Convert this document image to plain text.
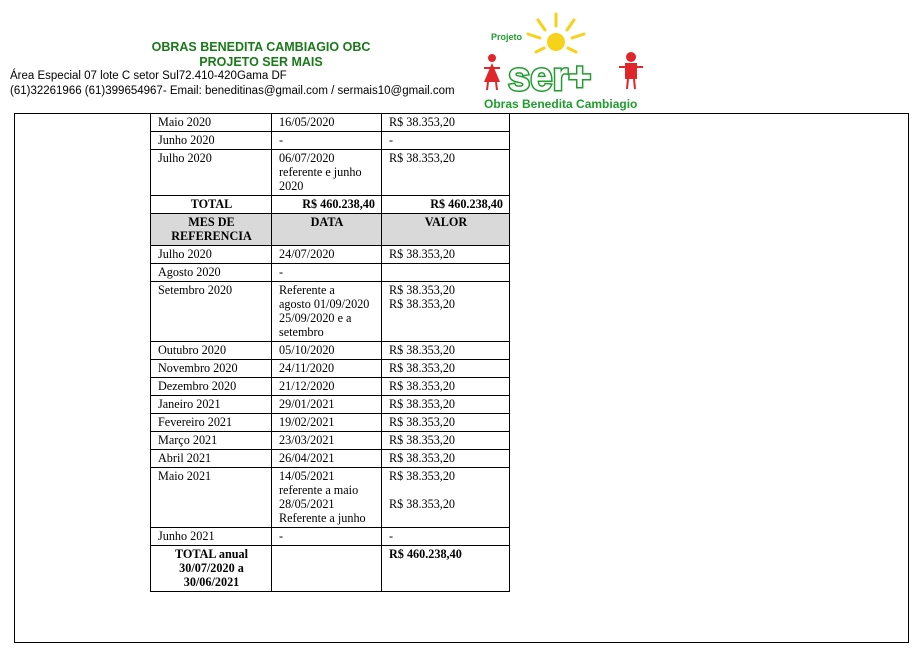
OBRAS BENEDITA CAMBIAGIO OBC
PROJETO SER MAIS
Área Especial 07 lote C setor Sul72.410-420Gama DF
(61)32261966 (61)399654967- Email: beneditinas@gmail.com / sermais10@gmail.com
Projeto
ser+
Obras Benedita Cambiagio
Maio 2020	16/05/2020	R$ 38.353,20

Junho 2020	-	-

Julho 2020	06/07/2020
referente e junho
2020	R$ 38.353,20

TOTAL	R$ 460.238,40	R$ 460.238,40
MES DE REFERENCIA	DATA	VALOR
Julho 2020	24/07/2020	R$ 38.353,20

Agosto 2020	-	

Setembro 2020	Referente a
agosto 01/09/2020
25/09/2020 e a
setembro	R$ 38.353,20
R$ 38.353,20

Outubro 2020	05/10/2020	R$ 38.353,20

Novembro 2020	24/11/2020	R$ 38.353,20

Dezembro 2020	21/12/2020	R$ 38.353,20

Janeiro 2021	29/01/2021	R$ 38.353,20

Fevereiro 2021	19/02/2021	R$ 38.353,20

Março 2021	23/03/2021	R$ 38.353,20

Abril 2021	26/04/2021	R$ 38.353,20

Maio 2021	14/05/2021
referente a maio
28/05/2021
Referente a junho	R$ 38.353,20
R$ 38.353,20

Junho 2021	-	-

TOTAL anual
30/07/2020 a
30/06/2021		R$ 460.238,40
